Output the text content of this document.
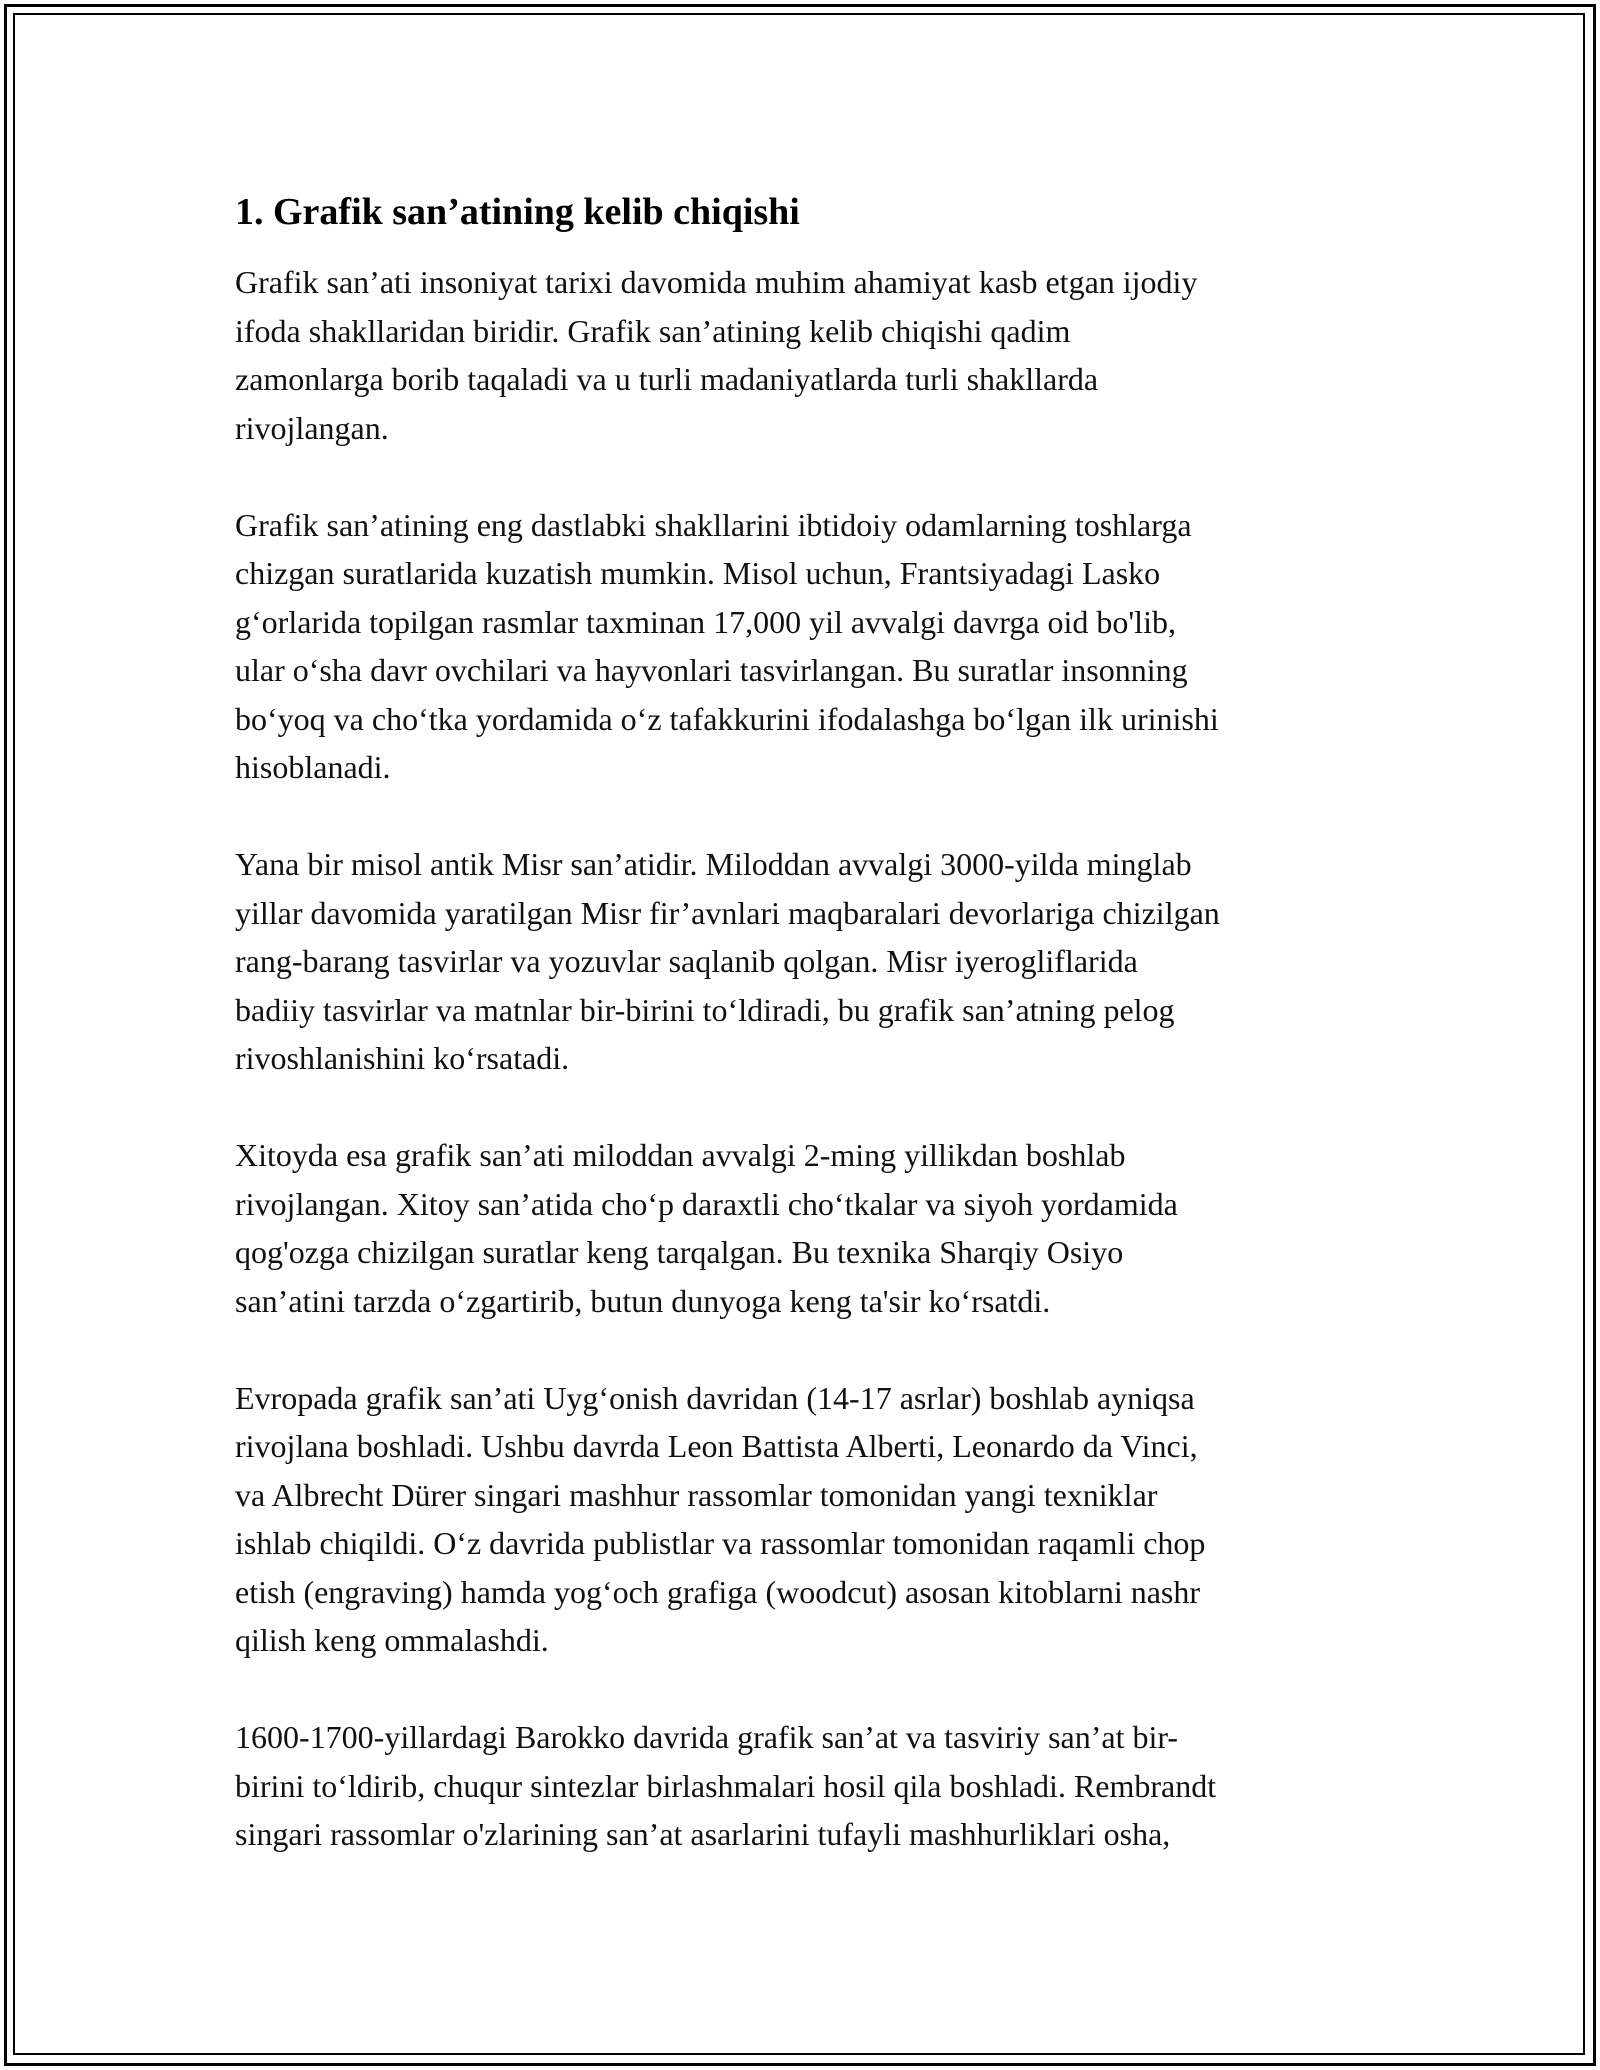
1. Grafik san’atining kelib chiqishi

Grafik san’ati insoniyat tarixi davomida muhim ahamiyat kasb etgan ijodiy
ifoda shakllaridan biridir. Grafik san’atining kelib chiqishi qadim
zamonlarga borib taqaladi va u turli madaniyatlarda turli shakllarda
rivojlangan.

Grafik san’atining eng dastlabki shakllarini ibtidoiy odamlarning toshlarga
chizgan suratlarida kuzatish mumkin. Misol uchun, Frantsiyadagi Lasko
g‘orlarida topilgan rasmlar taxminan 17,000 yil avvalgi davrga oid bo'lib,
ular o‘sha davr ovchilari va hayvonlari tasvirlangan. Bu suratlar insonning
bo‘yoq va cho‘tka yordamida o‘z tafakkurini ifodalashga bo‘lgan ilk urinishi
hisoblanadi.

Yana bir misol antik Misr san’atidir. Miloddan avvalgi 3000-yilda minglab
yillar davomida yaratilgan Misr fir’avnlari maqbaralari devorlariga chizilgan
rang-barang tasvirlar va yozuvlar saqlanib qolgan. Misr iyerogliflarida
badiiy tasvirlar va matnlar bir-birini to‘ldiradi, bu grafik san’atning pelog
rivoshlanishini ko‘rsatadi.

Xitoyda esa grafik san’ati miloddan avvalgi 2-ming yillikdan boshlab
rivojlangan. Xitoy san’atida cho‘p daraxtli cho‘tkalar va siyoh yordamida
qog'ozga chizilgan suratlar keng tarqalgan. Bu texnika Sharqiy Osiyo
san’atini tarzda o‘zgartirib, butun dunyoga keng ta'sir ko‘rsatdi.

Evropada grafik san’ati Uyg‘onish davridan (14-17 asrlar) boshlab ayniqsa
rivojlana boshladi. Ushbu davrda Leon Battista Alberti, Leonardo da Vinci,
va Albrecht Dürer singari mashhur rassomlar tomonidan yangi texniklar
ishlab chiqildi. O‘z davrida publistlar va rassomlar tomonidan raqamli chop
etish (engraving) hamda yog‘och grafiga (woodcut) asosan kitoblarni nashr
qilish keng ommalashdi.

1600-1700-yillardagi Barokko davrida grafik san’at va tasviriy san’at bir-
birini to‘ldirib, chuqur sintezlar birlashmalari hosil qila boshladi. Rembrandt
singari rassomlar o'zlarining san’at asarlarini tufayli mashhurliklari osha,
